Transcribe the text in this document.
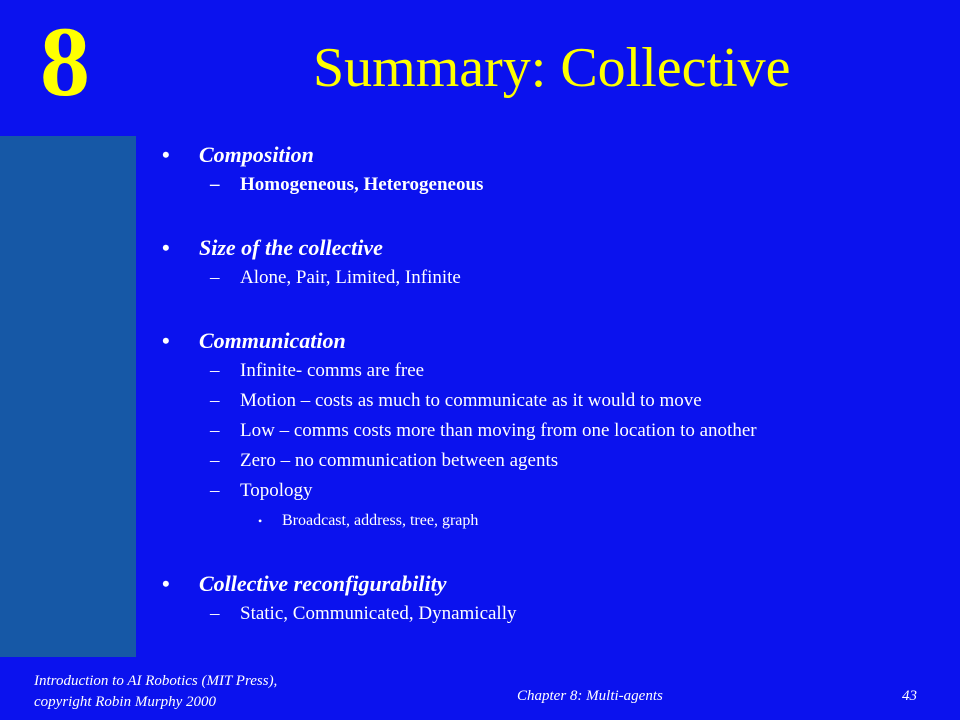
8	Summary: Collective
• Composition
– Homogeneous, Heterogeneous
• Size of the collective
– Alone, Pair, Limited, Infinite
• Communication
– Infinite- comms are free
– Motion – costs as much to communicate as it would to move
– Low – comms costs more than moving from one location to another
– Zero – no communication between agents
– Topology
• Broadcast, address, tree, graph
• Collective reconfigurability
– Static, Communicated, Dynamically
Introduction to AI Robotics (MIT Press),
copyright Robin Murphy 2000	Chapter 8: Multi-agents	43
